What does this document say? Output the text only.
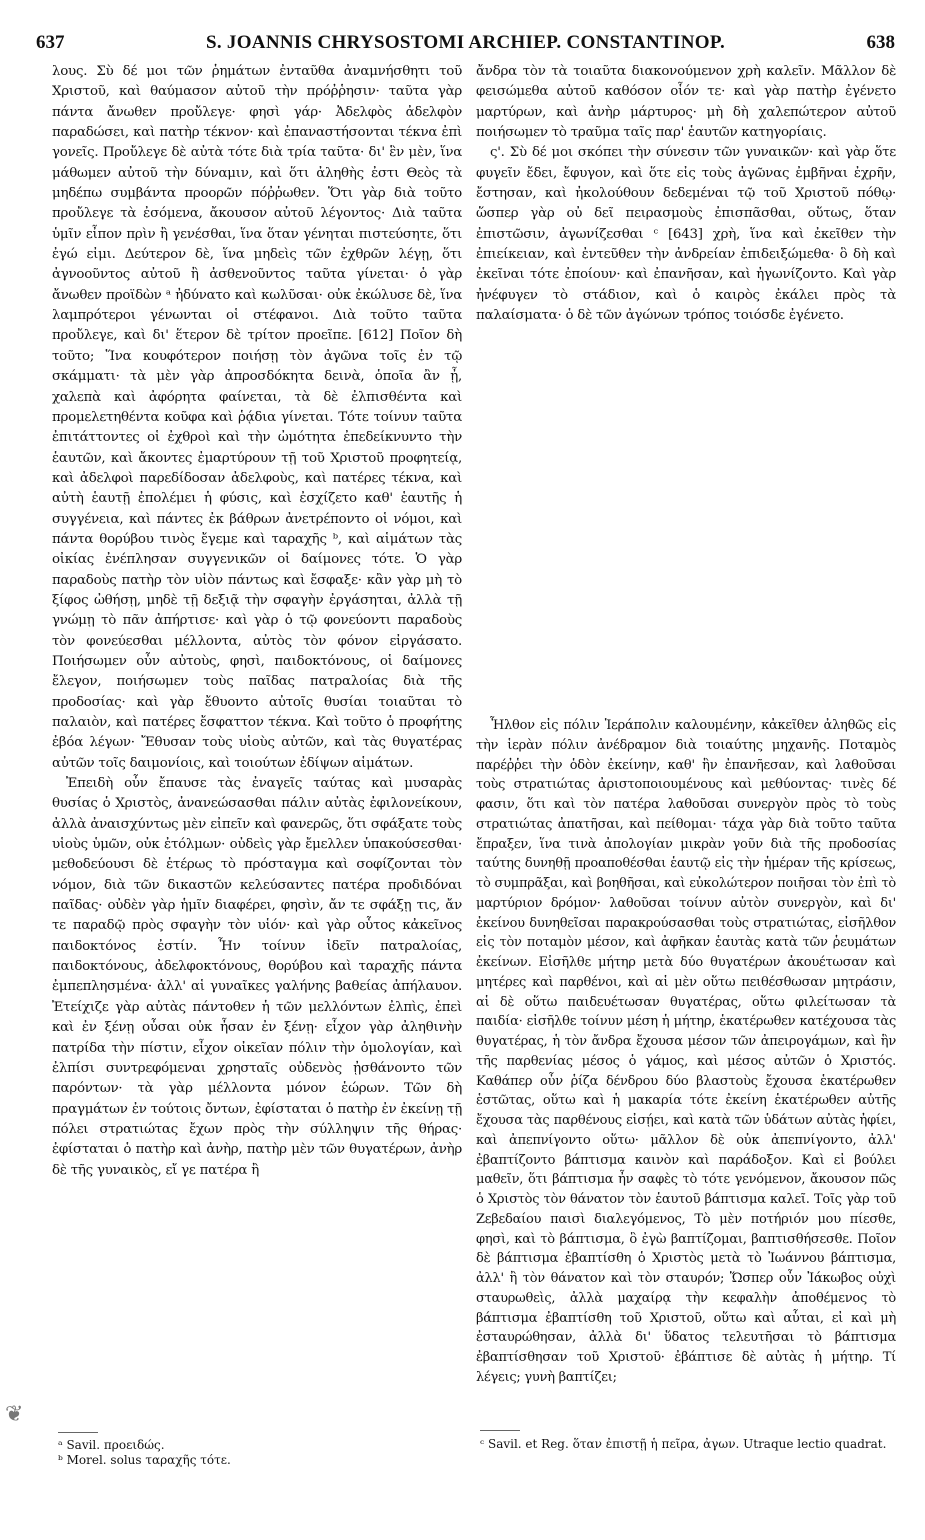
637	S. JOANNIS CHRYSOSTOMI ARCHIEP. CONSTANTINOP.	638

λους. Σὺ δέ μοι τῶν ῥημάτων ἐνταῦθα ἀναμνήσθητι τοῦ Χριστοῦ, καὶ θαύμασον αὐτοῦ τὴν πρόῤῥησιν· ταῦτα γὰρ πάντα ἄνωθεν προὔλεγε· φησὶ γάρ· Ἀδελφὸς ἀδελφὸν παραδώσει, καὶ πατὴρ τέκνον· καὶ ἐπαναστήσονται τέκνα ἐπὶ γονεῖς. Προὔλεγε δὲ αὐτὰ τότε διὰ τρία ταῦτα· δι' ἓν μὲν, ἵνα μάθωμεν αὐτοῦ τὴν δύναμιν, καὶ ὅτι ἀληθὴς ἐστι Θεὸς τὰ μηδέπω συμβάντα προορῶν πόῤῥωθεν. Ὅτι γὰρ διὰ τοῦτο προὔλεγε τὰ ἐσόμενα, ἄκουσον αὐτοῦ λέγοντος· Διὰ ταῦτα ὑμῖν εἶπον πρὶν ἢ γενέσθαι, ἵνα ὅταν γένηται πιστεύσητε, ὅτι ἐγώ εἰμι. Δεύτερον δὲ, ἵνα μηδεὶς τῶν ἐχθρῶν λέγῃ, ὅτι ἀγνοοῦντος αὐτοῦ ἢ ἀσθενοῦντος ταῦτα γίνεται· ὁ γὰρ ἄνωθεν προϊδὼν ᵃ ἠδύνατο καὶ κωλῦσαι· οὐκ ἐκώλυσε δὲ, ἵνα λαμπρότεροι γένωνται οἱ στέφανοι. Διὰ τοῦτο ταῦτα προὔλεγε, καὶ δι' ἕτερον δὲ τρίτον προεῖπε. [612] Ποῖον δὴ τοῦτο; Ἵνα κουφότερον ποιήσῃ τὸν ἀγῶνα τοῖς ἐν τῷ σκάμματι· τὰ μὲν γὰρ ἀπροσδόκητα δεινὰ, ὁποῖα ἂν ᾖ, χαλεπὰ καὶ ἀφόρητα φαίνεται, τὰ δὲ ἐλπισθέντα καὶ προμελετηθέντα κοῦφα καὶ ῥᾴδια γίνεται. Τότε τοίνυν ταῦτα ἐπιτάττοντες οἱ ἐχθροὶ καὶ τὴν ὠμότητα ἐπεδείκνυντο τὴν ἑαυτῶν, καὶ ἄκοντες ἐμαρτύρουν τῇ τοῦ Χριστοῦ προφητείᾳ, καὶ ἀδελφοὶ παρεδίδοσαν ἀδελφοὺς, καὶ πατέρες τέκνα, καὶ αὐτὴ ἑαυτῇ ἐπολέμει ἡ φύσις, καὶ ἐσχίζετο καθ' ἑαυτῆς ἡ συγγένεια, καὶ πάντες ἐκ βάθρων ἀνετρέποντο οἱ νόμοι, καὶ πάντα θορύβου τινὸς ἔγεμε καὶ ταραχῆς ᵇ, καὶ αἱμάτων τὰς οἰκίας ἐνέπλησαν συγγενικῶν οἱ δαίμονες τότε. Ὁ γὰρ παραδοὺς πατὴρ τὸν υἱὸν πάντως καὶ ἔσφαξε· κἂν γὰρ μὴ τὸ ξίφος ὠθήσῃ, μηδὲ τῇ δεξιᾷ τὴν σφαγὴν ἐργάσηται, ἀλλὰ τῇ γνώμῃ τὸ πᾶν ἀπήρτισε· καὶ γὰρ ὁ τῷ φονεύοντι παραδοὺς τὸν φονεύεσθαι μέλλοντα, αὐτὸς τὸν φόνον εἰργάσατο. Ποιήσωμεν οὖν αὐτοὺς, φησὶ, παιδοκτόνους, οἱ δαίμονες ἔλεγον, ποιήσωμεν τοὺς παῖδας πατραλοίας διὰ τῆς προδοσίας· καὶ γὰρ ἔθυοντο αὐτοῖς θυσίαι τοιαῦται τὸ παλαιὸν, καὶ πατέρες ἔσφαττον τέκνα. Καὶ τοῦτο ὁ προφήτης ἐβόα λέγων· Ἔθυσαν τοὺς υἱοὺς αὐτῶν, καὶ τὰς θυγατέρας αὐτῶν τοῖς δαιμονίοις, καὶ τοιούτων ἐδίψων αἱμάτων.

Ἐπειδὴ οὖν ἔπαυσε τὰς ἐναγεῖς ταύτας καὶ μυσαρὰς θυσίας ὁ Χριστὸς, ἀνανεώσασθαι πάλιν αὐτὰς ἐφιλονείκουν, ἀλλὰ ἀναισχύντως μὲν εἰπεῖν καὶ φανερῶς, ὅτι σφάξατε τοὺς υἱοὺς ὑμῶν, οὐκ ἐτόλμων· οὐδεὶς γὰρ ἔμελλεν ὑπακούσεσθαι· μεθοδεύουσι δὲ ἑτέρως τὸ πρόσταγμα καὶ σοφίζονται τὸν νόμον, διὰ τῶν δικαστῶν κελεύσαντες πατέρα προδιδόναι παῖδας· οὐδὲν γὰρ ἡμῖν διαφέρει, φησὶν, ἄν τε σφάξῃ τις, ἄν τε παραδῷ πρὸς σφαγὴν τὸν υἱόν· καὶ γὰρ οὗτος κἀκεῖνος παιδοκτόνος ἐστίν. Ἦν τοίνυν ἰδεῖν πατραλοίας, παιδοκτόνους, ἀδελφοκτόνους, θορύβου καὶ ταραχῆς πάντα ἐμπεπλησμένα· ἀλλ' αἱ γυναῖκες γαλήνης βαθείας ἀπήλαυον. Ἐτείχιζε γὰρ αὐτὰς πάντοθεν ἡ τῶν μελλόντων ἐλπὶς, ἐπεὶ καὶ ἐν ξένῃ οὖσαι οὐκ ἦσαν ἐν ξένῃ· εἶχον γὰρ ἀληθινὴν πατρίδα τὴν πίστιν, εἶχον οἰκεῖαν πόλιν τὴν ὁμολογίαν, καὶ ἐλπίσι συντρεφόμεναι χρησταῖς οὐδενὸς ᾐσθάνοντο τῶν παρόντων· τὰ γὰρ μέλλοντα μόνον ἑώρων. Τῶν δὴ πραγμάτων ἐν τούτοις ὄντων, ἐφίσταται ὁ πατὴρ ἐν ἐκείνῃ τῇ πόλει στρατιώτας ἔχων πρὸς τὴν σύλληψιν τῆς θήρας· ἐφίσταται ὁ πατὴρ καὶ ἀνὴρ, πατὴρ μὲν τῶν θυγατέρων, ἀνὴρ δὲ τῆς γυναικὸς, εἴ γε πατέρα ἢ

ἄνδρα τὸν τὰ τοιαῦτα διακονούμενον χρὴ καλεῖν. Μᾶλλον δὲ φεισώμεθα αὐτοῦ καθόσον οἷόν τε· καὶ γὰρ πατὴρ ἐγένετο μαρτύρων, καὶ ἀνὴρ μάρτυρος· μὴ δὴ χαλεπώτερον αὐτοῦ ποιήσωμεν τὸ τραῦμα ταῖς παρ' ἑαυτῶν κατηγορίαις.

ς'. Σὺ δέ μοι σκόπει τὴν σύνεσιν τῶν γυναικῶν· καὶ γὰρ ὅτε φυγεῖν ἔδει, ἔφυγον, καὶ ὅτε εἰς τοὺς ἀγῶνας ἐμβῆναι ἐχρῆν, ἔστησαν, καὶ ἠκολούθουν δεδεμέναι τῷ τοῦ Χριστοῦ πόθῳ· ὥσπερ γὰρ οὐ δεῖ πειρασμοὺς ἐπισπᾶσθαι, οὕτως, ὅταν ἐπιστῶσιν, ἀγωνίζεσθαι ᶜ [643] χρὴ, ἵνα καὶ ἐκεῖθεν τὴν ἐπιείκειαν, καὶ ἐντεῦθεν τὴν ἀνδρείαν ἐπιδειξώμεθα· ὃ δὴ καὶ ἐκεῖναι τότε ἐποίουν· καὶ ἐπανῆσαν, καὶ ἠγωνίζοντο. Καὶ γὰρ ἠνέφυγεν τὸ στάδιον, καὶ ὁ καιρὸς ἐκάλει πρὸς τὰ παλαίσματα· ὁ δὲ τῶν ἀγώνων τρόπος τοιόσδε ἐγένετο.

Ἦλθον εἰς πόλιν Ἱεράπολιν καλουμένην, κἀκεῖθεν ἀληθῶς εἰς τὴν ἱερὰν πόλιν ἀνέδραμον διὰ τοιαύτης μηχανῆς. Ποταμὸς παρέῤῥει τὴν ὁδὸν ἐκείνην, καθ' ἣν ἐπανῆεσαν, καὶ λαθοῦσαι τοὺς στρατιώτας ἀριστοποιουμένους καὶ μεθύοντας· τινὲς δέ φασιν, ὅτι καὶ τὸν πατέρα λαθοῦσαι συνεργὸν πρὸς τὸ τοὺς στρατιώτας ἀπατῆσαι, καὶ πείθομαι· τάχα γὰρ διὰ τοῦτο ταῦτα ἔπραξεν, ἵνα τινὰ ἀπολογίαν μικρὰν γοῦν διὰ τῆς προδοσίας ταύτης δυνηθῇ προαποθέσθαι ἑαυτῷ εἰς τὴν ἡμέραν τῆς κρίσεως, τὸ συμπρᾶξαι, καὶ βοηθῆσαι, καὶ εὐκολώτερον ποιῆσαι τὸν ἐπὶ τὸ μαρτύριον δρόμον· λαθοῦσαι τοίνυν αὐτὸν συνεργὸν, καὶ δι' ἐκείνου δυνηθεῖσαι παρακρούσασθαι τοὺς στρατιώτας, εἰσῆλθον εἰς τὸν ποταμὸν μέσον, καὶ ἀφῆκαν ἑαυτὰς κατὰ τῶν ῥευμάτων ἐκείνων. Εἰσῆλθε μήτηρ μετὰ δύο θυγατέρων ἀκουέτωσαν καὶ μητέρες καὶ παρθένοι, καὶ αἱ μὲν οὕτω πειθέσθωσαν μητράσιν, αἱ δὲ οὕτω παιδευέτωσαν θυγατέρας, οὕτω φιλείτωσαν τὰ παιδία· εἰσῆλθε τοίνυν μέση ἡ μήτηρ, ἑκατέρωθεν κατέχουσα τὰς θυγατέρας, ἡ τὸν ἄνδρα ἔχουσα μέσον τῶν ἀπειρογάμων, καὶ ἣν τῆς παρθενίας μέσος ὁ γάμος, καὶ μέσος αὐτῶν ὁ Χριστός. Καθάπερ οὖν ῥίζα δένδρου δύο βλαστοὺς ἔχουσα ἑκατέρωθεν ἑστῶτας, οὕτω καὶ ἡ μακαρία τότε ἐκείνη ἑκατέρωθεν αὐτῆς ἔχουσα τὰς παρθένους εἰσῄει, καὶ κατὰ τῶν ὑδάτων αὐτὰς ἠφίει, καὶ ἀπεπνίγοντο οὕτω· μᾶλλον δὲ οὐκ ἀπεπνίγοντο, ἀλλ' ἐβαπτίζοντο βάπτισμα καινὸν καὶ παράδοξον. Καὶ εἰ βούλει μαθεῖν, ὅτι βάπτισμα ἦν σαφὲς τὸ τότε γενόμενον, ἄκουσον πῶς ὁ Χριστὸς τὸν θάνατον τὸν ἑαυτοῦ βάπτισμα καλεῖ. Τοῖς γὰρ τοῦ Ζεβεδαίου παισὶ διαλεγόμενος, Τὸ μὲν ποτήριόν μου πίεσθε, φησὶ, καὶ τὸ βάπτισμα, ὃ ἐγὼ βαπτίζομαι, βαπτισθήσεσθε. Ποῖον δὲ βάπτισμα ἐβαπτίσθη ὁ Χριστὸς μετὰ τὸ Ἰωάννου βάπτισμα, ἀλλ' ἢ τὸν θάνατον καὶ τὸν σταυρόν; Ὥσπερ οὖν Ἰάκωβος οὐχὶ σταυρωθεὶς, ἀλλὰ μαχαίρᾳ τὴν κεφαλὴν ἀποθέμενος τὸ βάπτισμα ἐβαπτίσθη τοῦ Χριστοῦ, οὕτω καὶ αὗται, εἰ καὶ μὴ ἐσταυρώθησαν, ἀλλὰ δι' ὕδατος τελευτῆσαι τὸ βάπτισμα ἐβαπτίσθησαν τοῦ Χριστοῦ· ἐβάπτισε δὲ αὐτὰς ἡ μήτηρ. Τί λέγεις; γυνὴ βαπτίζει;

❦
ᵃ Savil. προειδώς.
ᵇ Morel. solus ταραχῆς τότε.
ᶜ Savil. et Reg. ὅταν ἐπιστῇ ἡ πεῖρα, ἀγων. Utraque lectio quadrat.
